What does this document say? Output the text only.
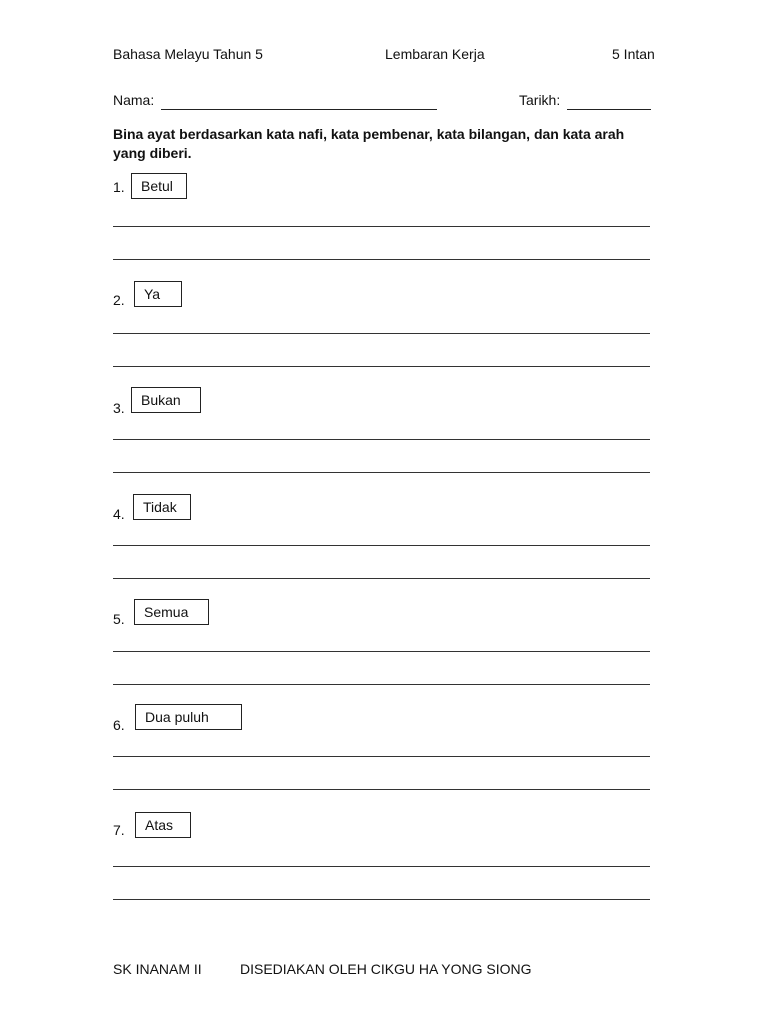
Bahasa Melayu Tahun 5	Lembaran Kerja	5 Intan
Nama:	Tarikh:
Bina ayat berdasarkan kata nafi, kata pembenar, kata bilangan, dan kata arah yang diberi.
1.	Betul
2.	Ya
3.	Bukan
4.	Tidak
5.	Semua
6.	Dua puluh
7.	Atas
SK INANAM II	DISEDIAKAN OLEH CIKGU HA YONG SIONG
